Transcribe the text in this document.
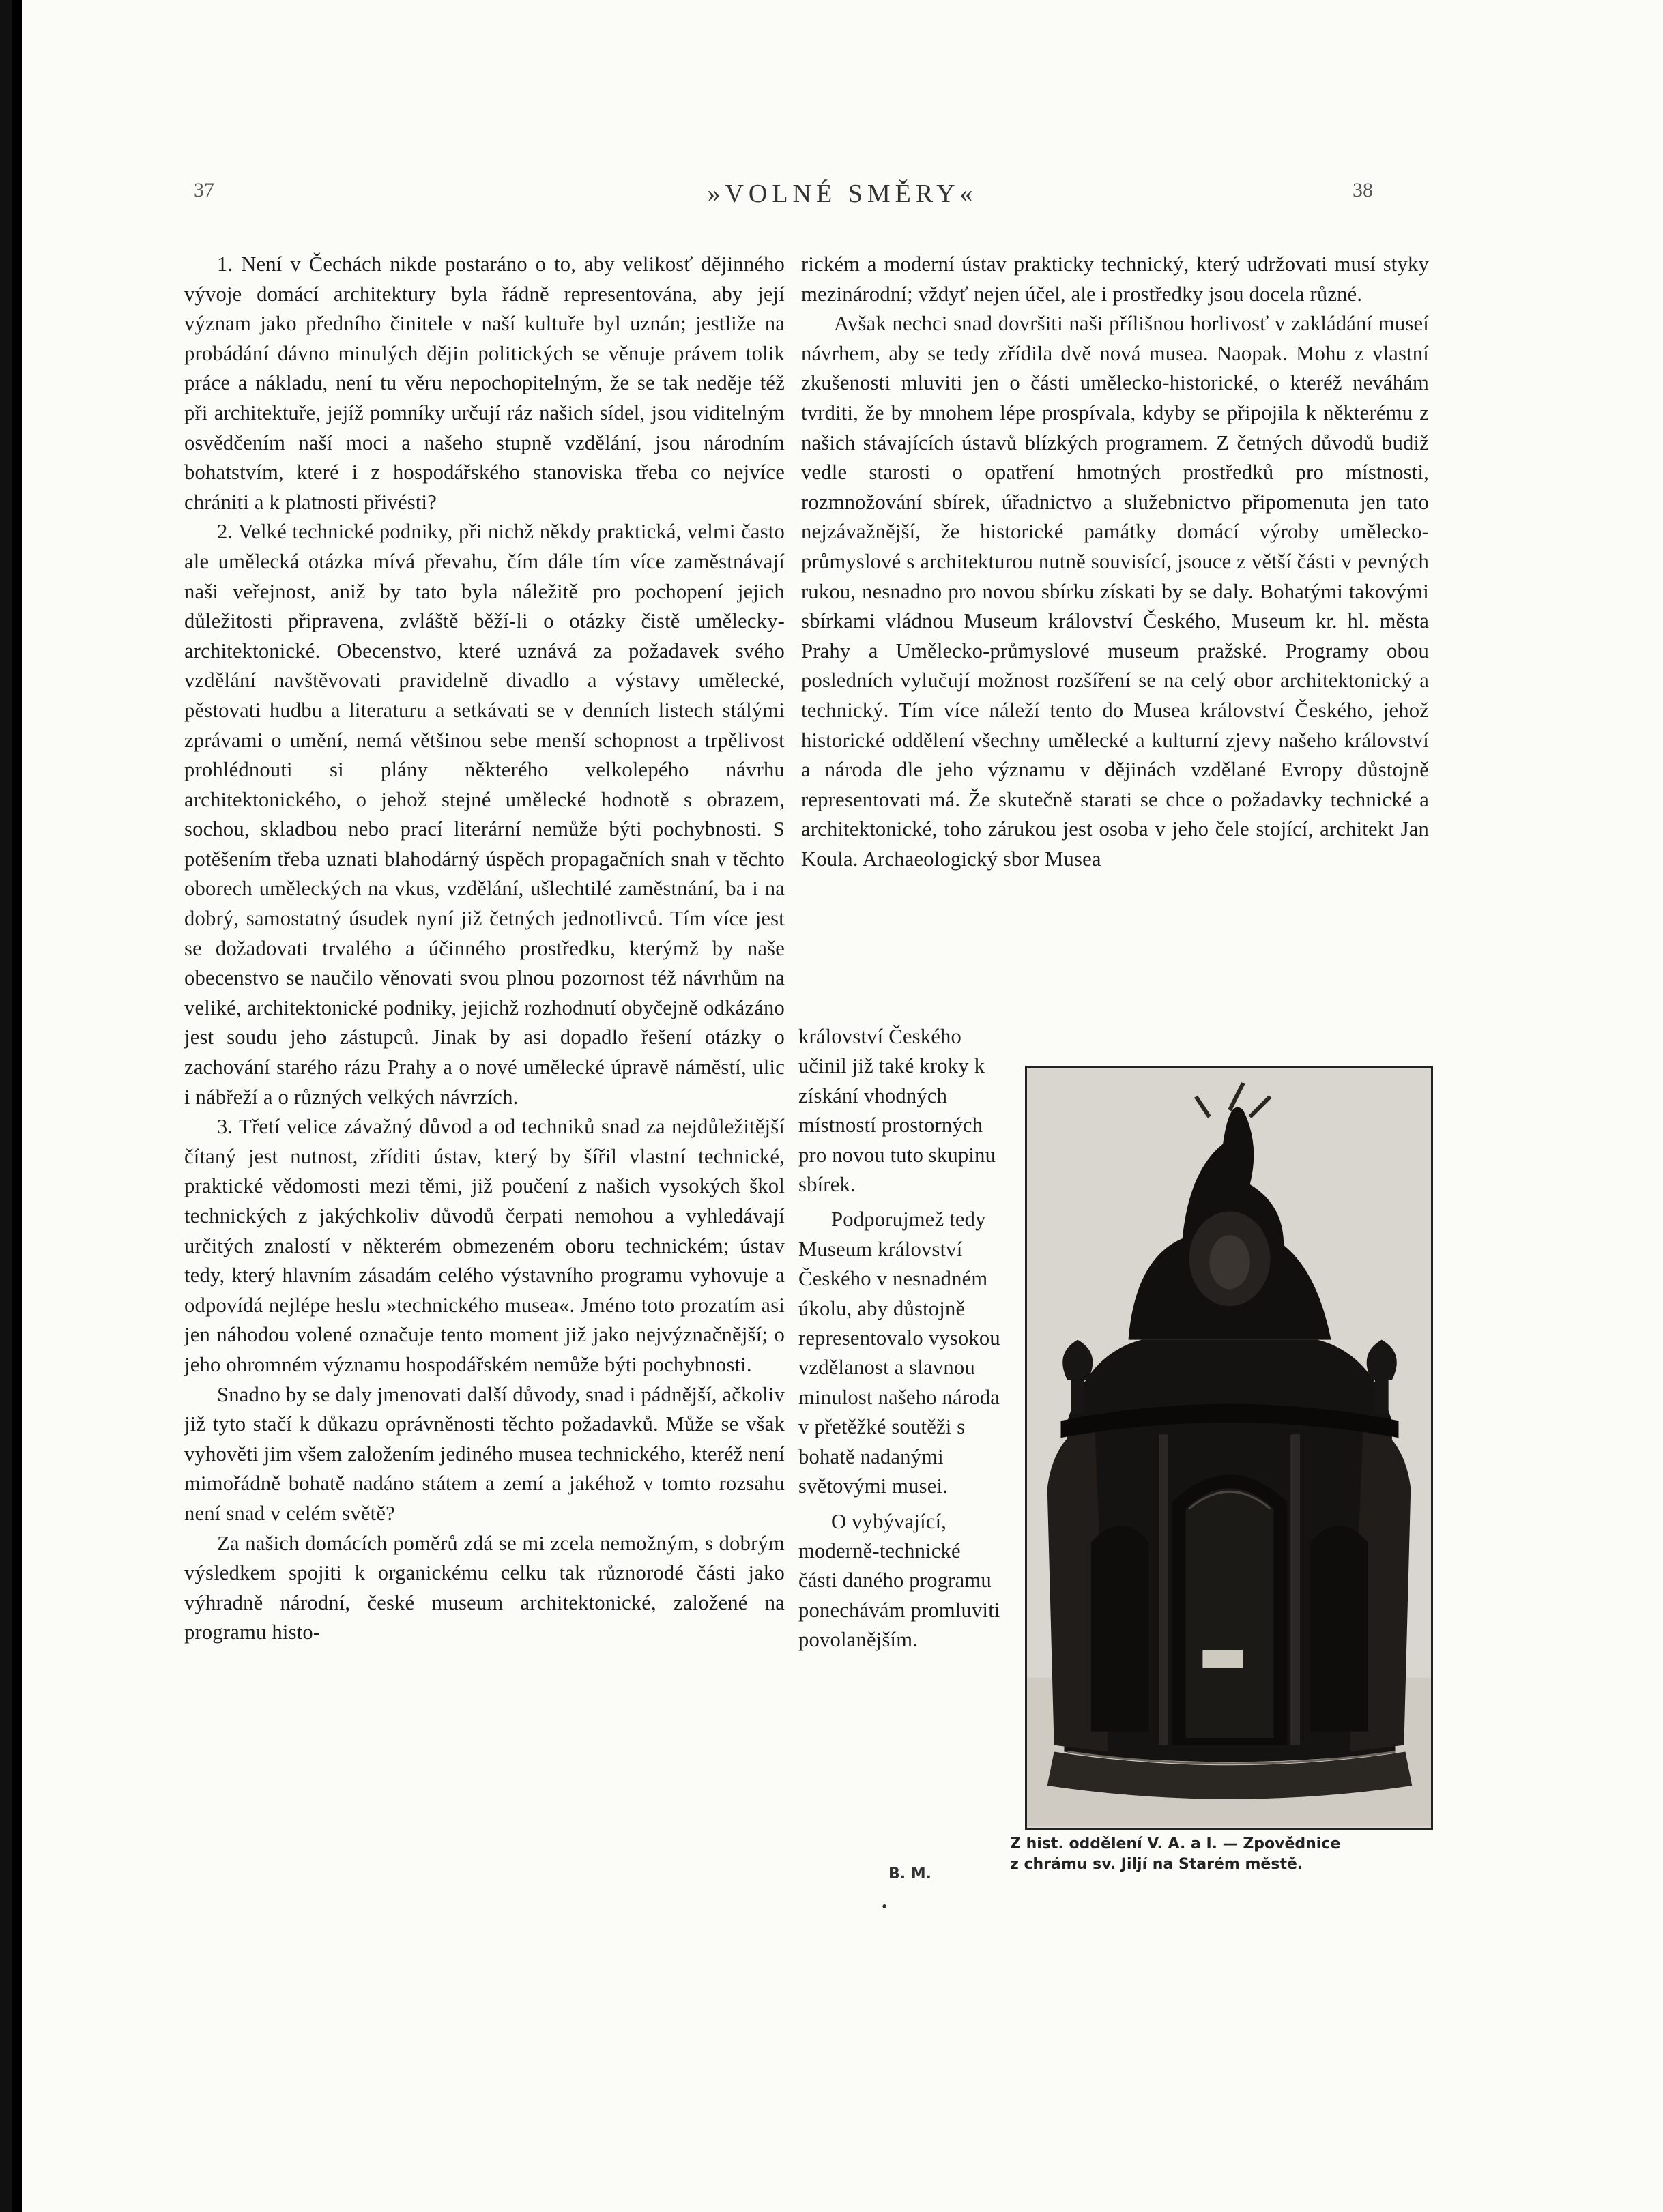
37	»VOLNÉ SMĚRY«	38

1. Není v Čechách nikde postaráno o to, aby velikosť dějinného vývoje domácí architektury byla řádně representována, aby její význam jako předního činitele v naší kultuře byl uznán; jestliže na probádání dávno minulých dějin politických se věnuje právem tolik práce a nákladu, není tu věru nepochopitelným, že se tak neděje též při architektuře, jejíž pomníky určují ráz našich sídel, jsou viditelným osvědčením naší moci a našeho stupně vzdělání, jsou národním bohatstvím, které i z hospodářského stanoviska třeba co nejvíce chrániti a k platnosti přivésti?

2. Velké technické podniky, při nichž někdy praktická, velmi často ale umělecká otázka mívá převahu, čím dále tím více zaměstnávají naši veřejnost, aniž by tato byla náležitě pro pochopení jejich důležitosti připravena, zvláště běží-li o otázky čistě umělecky-architektonické. Obecenstvo, které uznává za požadavek svého vzdělání navštěvovati pravidelně divadlo a výstavy umělecké, pěstovati hudbu a literaturu a setkávati se v denních listech stálými zprávami o umění, nemá většinou sebe menší schopnost a trpělivost prohlédnouti si plány některého velkolepého návrhu architektonického, o jehož stejné umělecké hodnotě s obrazem, sochou, skladbou nebo prací literární nemůže býti pochybnosti. S potěšením třeba uznati blahodárný úspěch propagačních snah v těchto oborech uměleckých na vkus, vzdělání, ušlechtilé zaměstnání, ba i na dobrý, samostatný úsudek nyní již četných jednotlivců. Tím více jest se dožadovati trvalého a účinného prostředku, kterýmž by naše obecenstvo se naučilo věnovati svou plnou pozornost též návrhům na veliké, architektonické podniky, jejichž rozhodnutí obyčejně odkázáno jest soudu jeho zástupců. Jinak by asi dopadlo řešení otázky o zachování starého rázu Prahy a o nové umělecké úpravě náměstí, ulic i nábřeží a o různých velkých návrzích.

3. Třetí velice závažný důvod a od techniků snad za nejdůležitější čítaný jest nutnost, zříditi ústav, který by šířil vlastní technické, praktické vědomosti mezi těmi, již poučení z našich vysokých škol technických z jakýchkoliv důvodů čerpati nemohou a vyhledávají určitých znalostí v některém obmezeném oboru technickém; ústav tedy, který hlavním zásadám celého výstavního programu vyhovuje a odpovídá nejlépe heslu »technického musea«. Jméno toto prozatím asi jen náhodou volené označuje tento moment již jako nejvýznačnější; o jeho ohromném významu hospodářském nemůže býti pochybnosti.

Snadno by se daly jmenovati další důvody, snad i pádnější, ačkoliv již tyto stačí k důkazu oprávněnosti těchto požadavků. Může se však vyhověti jim všem založením jediného musea technického, kteréž není mimořádně bohatě nadáno státem a zemí a jakéhož v tomto rozsahu není snad v celém světě?

Za našich domácích poměrů zdá se mi zcela nemožným, s dobrým výsledkem spojiti k organickému celku tak různorodé části jako výhradně národní, české museum architektonické, založené na programu histo-

rickém a moderní ústav prakticky technický, který udržovati musí styky mezinárodní; vždyť nejen účel, ale i prostředky jsou docela různé.

Avšak nechci snad dovršiti naši přílišnou horlivosť v zakládání museí návrhem, aby se tedy zřídila dvě nová musea. Naopak. Mohu z vlastní zkušenosti mluviti jen o části umělecko-historické, o kteréž neváhám tvrditi, že by mnohem lépe prospívala, kdyby se připojila k některému z našich stávajících ústavů blízkých programem. Z četných důvodů budiž vedle starosti o opatření hmotných prostředků pro místnosti, rozmnožování sbírek, úřadnictvo a služebnictvo připomenuta jen tato nejzávažnější, že historické památky domácí výroby umělecko-průmyslové s architekturou nutně souvisící, jsouce z větší části v pevných rukou, nesnadno pro novou sbírku získati by se daly. Bohatými takovými sbírkami vládnou Museum království Českého, Museum kr. hl. města Prahy a Umělecko-průmyslové museum pražské. Programy obou posledních vylučují možnost rozšíření se na celý obor architektonický a technický. Tím více náleží tento do Musea království Českého, jehož historické oddělení všechny umělecké a kulturní zjevy našeho království a národa dle jeho významu v dějinách vzdělané Evropy důstojně representovati má. Že skutečně starati se chce o požadavky technické a architektonické, toho zárukou jest osoba v jeho čele stojící, architekt Jan Koula. Archaeologický sbor Musea

království Českého učinil již také kroky k získání vhodných místností prostorných pro novou tuto skupinu sbírek.

Podporujmež tedy Museum království Českého v nesnadném úkolu, aby důstojně representovalo vysokou vzdělanost a slavnou minulost našeho národa v přetěžké soutěži s bohatě nadanými světovými musei.

O vybývající, moderně-technické části daného programu ponechávám promluviti povolanějším.

B. M.
•
Z hist. oddělení V. A. a I. — Zpovědnice
z chrámu sv. Jiljí na Starém městě.
